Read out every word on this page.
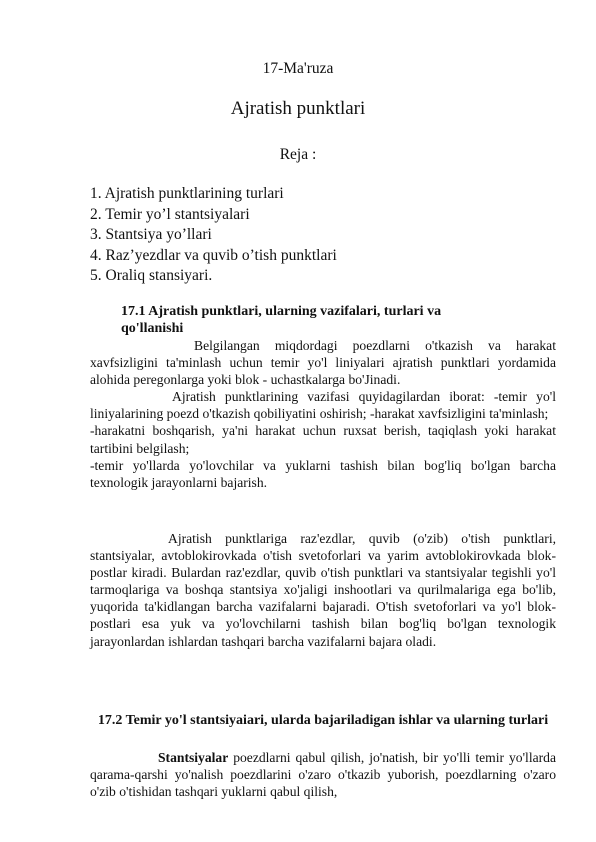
17-Ma'ruza
Ajratish punktlari
Reja :
1. Ajratish punktlarining turlari
2. Temir yo’l stantsiyalari
3. Stantsiya yo’llari
4. Raz’yezdlar va quvib o’tish punktlari
5. Oraliq stansiyari.
17.1 Ajratish punktlari, ularning vazifalari, turlari va qo'llanishi

Belgilangan miqdordagi poezdlarni o'tkazish va harakat xavfsizligini ta'minlash uchun temir yo'l liniyalari ajratish punktlari yordamida alohida peregonlarga yoki blok - uchastkalarga bo'Jinadi.

Ajratish punktlarining vazifasi quyidagilardan iborat: -temir yo'l liniyalarining poezd o'tkazish qobiliyatini oshirish; -harakat xavfsizligini ta'minlash;

-harakatni boshqarish, ya'ni harakat uchun ruxsat berish, taqiqlash yoki harakat tartibini belgilash;

-temir yo'llarda yo'lovchilar va yuklarni tashish bilan bog'liq bo'lgan barcha texnologik jarayonlarni bajarish.

Ajratish punktlariga raz'ezdlar, quvib (o'zib) o'tish punktlari, stantsiyalar, avtoblokirovkada o'tish svetoforlari va yarim avtoblokirovkada blok-postlar kiradi. Bulardan raz'ezdlar, quvib o'tish punktlari va stantsiyalar tegishli yo'l tarmoqlariga va boshqa stantsiya xo'jaligi inshootlari va qurilmalariga ega bo'lib, yuqorida ta'kidlangan barcha vazifalarni bajaradi. O'tish svetoforlari va yo'l blok-postlari esa yuk va yo'lovchilarni tashish bilan bog'liq bo'lgan texnologik jarayonlardan ishlardan tashqari barcha vazifalarni bajara oladi.

17.2 Temir yo'l stantsiyaiari, ularda bajariladigan ishlar va ularning turlari

Stantsiyalar poezdlarni qabul qilish, jo'natish, bir yo'lli temir yo'llarda qarama-qarshi yo'nalish poezdlarini o'zaro o'tkazib yuborish, poezdlarning o'zaro o'zib o'tishidan tashqari yuklarni qabul qilish,
